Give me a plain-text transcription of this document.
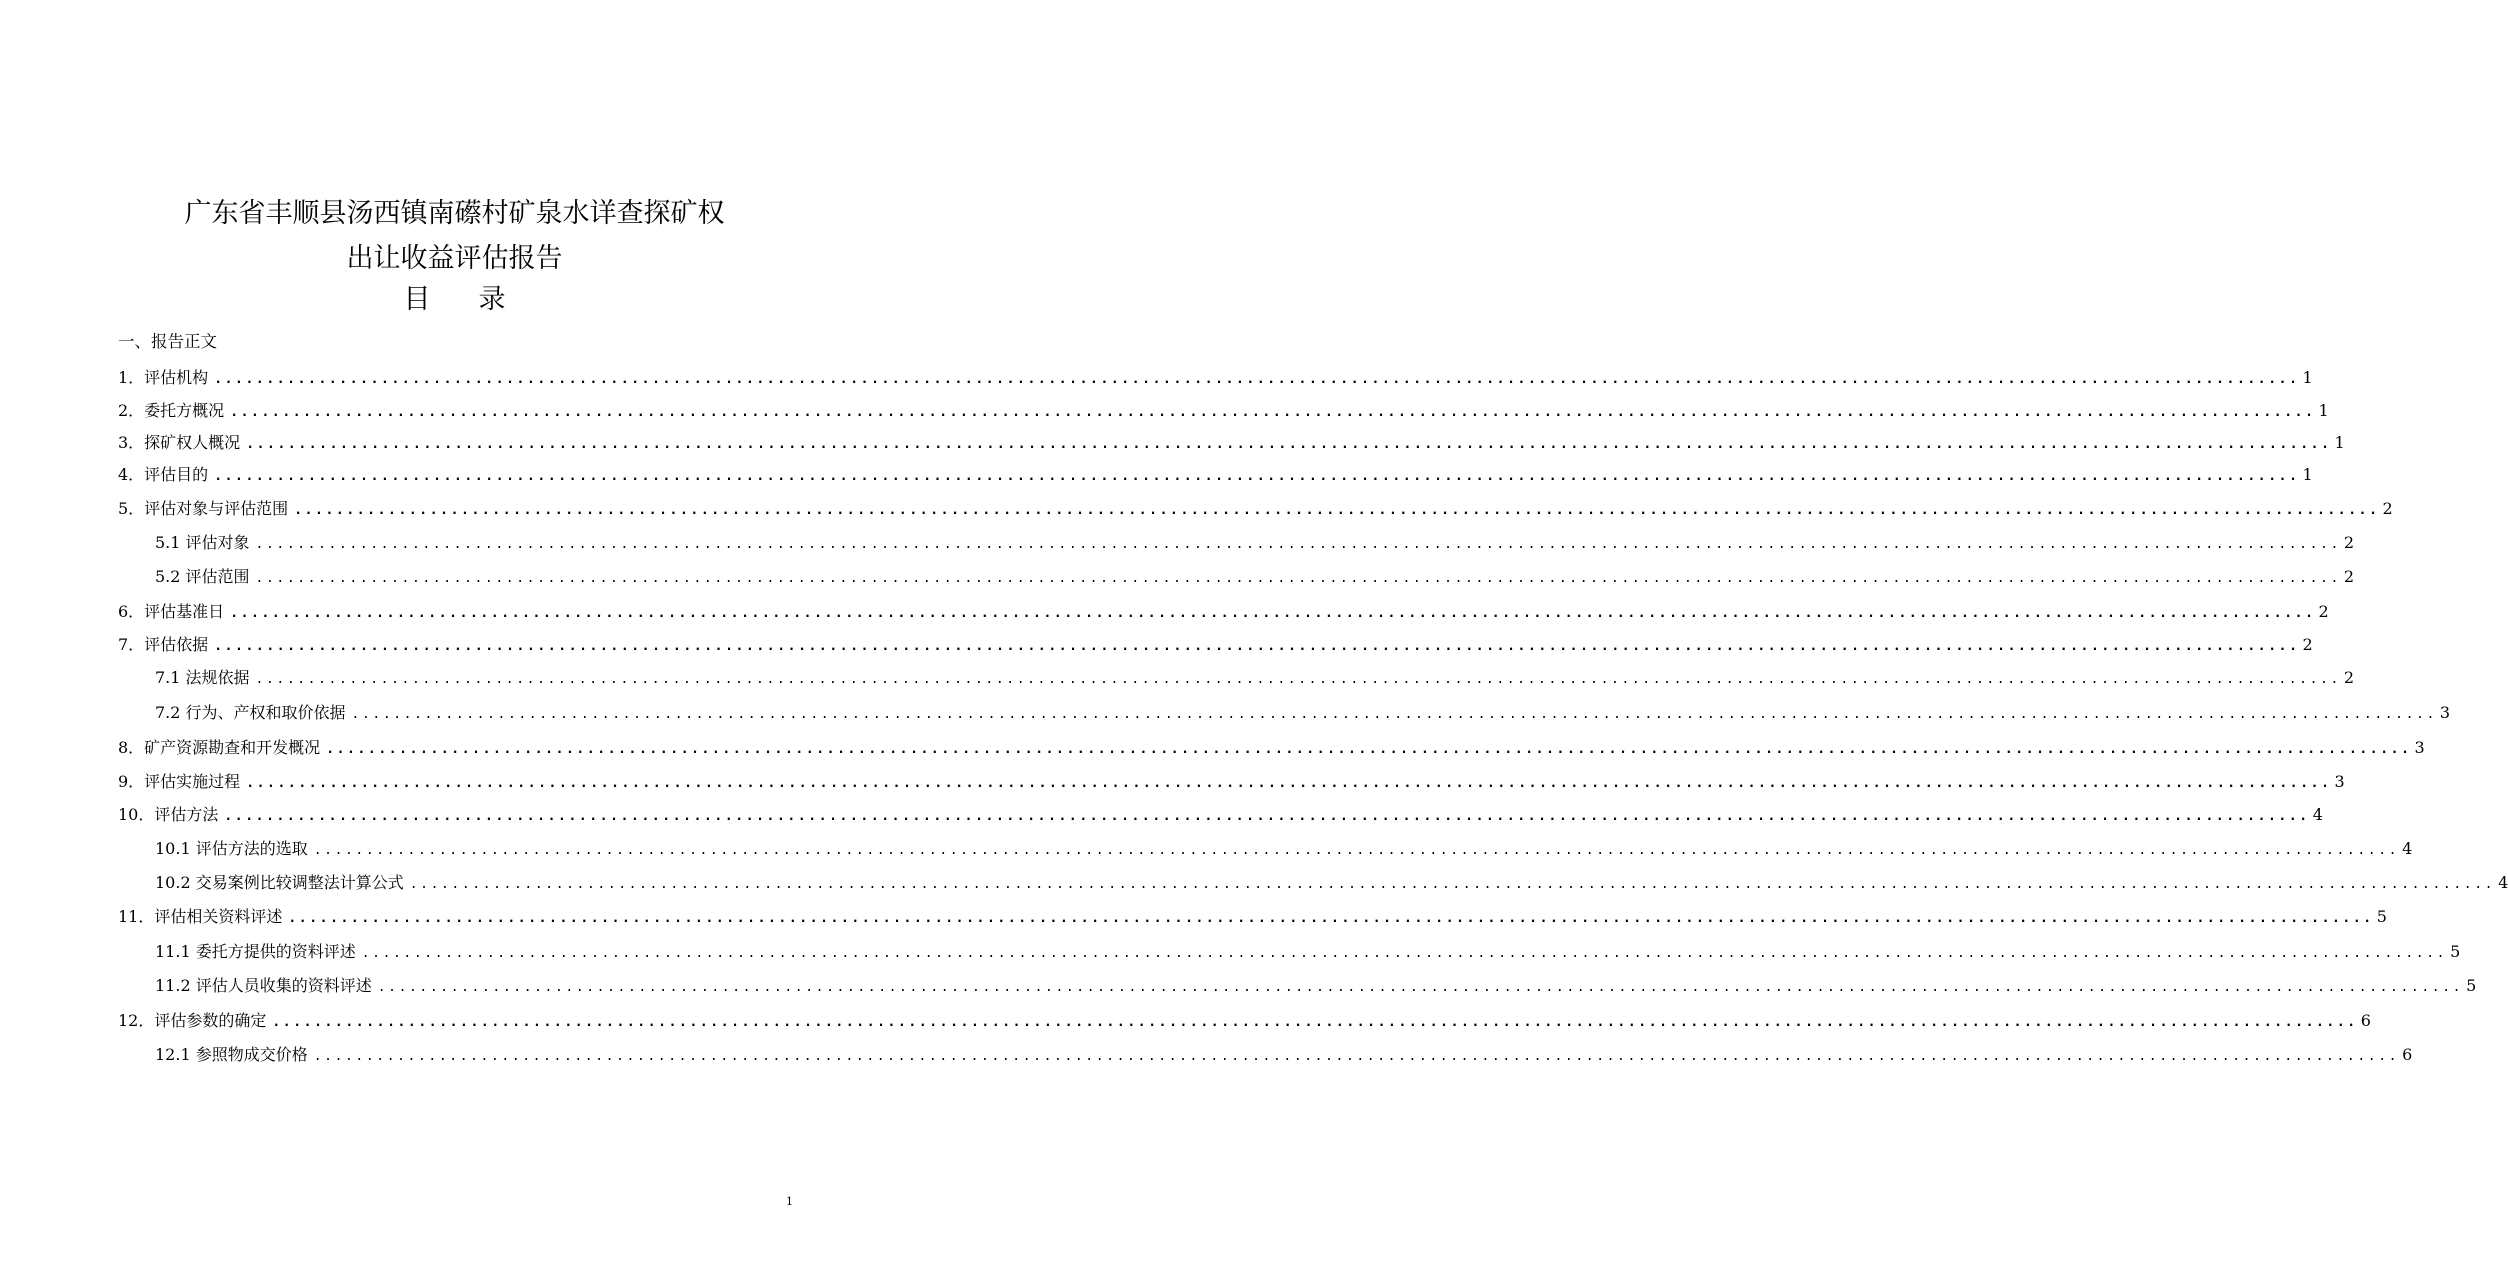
广东省丰顺县汤西镇南礤村矿泉水详查探矿权
出让收益评估报告
目 录
一、报告正文
1．评估机构 ........................................................................................................................................................................................................ 1
2．委托方概况 ........................................................................................................................................................................................................ 1
3．探矿权人概况 ........................................................................................................................................................................................................ 1
4．评估目的 ........................................................................................................................................................................................................ 1
5．评估对象与评估范围 ........................................................................................................................................................................................................ 2
5.1 评估对象 ........................................................................................................................................................................................................ 2
5.2 评估范围 ........................................................................................................................................................................................................ 2
6．评估基准日 ........................................................................................................................................................................................................ 2
7．评估依据 ........................................................................................................................................................................................................ 2
7.1 法规依据 ........................................................................................................................................................................................................ 2
7.2 行为、产权和取价依据 ........................................................................................................................................................................................................ 3
8．矿产资源勘查和开发概况 ........................................................................................................................................................................................................ 3
9．评估实施过程 ........................................................................................................................................................................................................ 3
10．评估方法 ........................................................................................................................................................................................................ 4
10.1 评估方法的选取 ........................................................................................................................................................................................................ 4
10.2 交易案例比较调整法计算公式 ........................................................................................................................................................................................................ 4
11．评估相关资料评述 ........................................................................................................................................................................................................ 5
11.1 委托方提供的资料评述 ........................................................................................................................................................................................................ 5
11.2 评估人员收集的资料评述 ........................................................................................................................................................................................................ 5
12．评估参数的确定 ........................................................................................................................................................................................................ 6
12.1 参照物成交价格 ........................................................................................................................................................................................................ 6
1
